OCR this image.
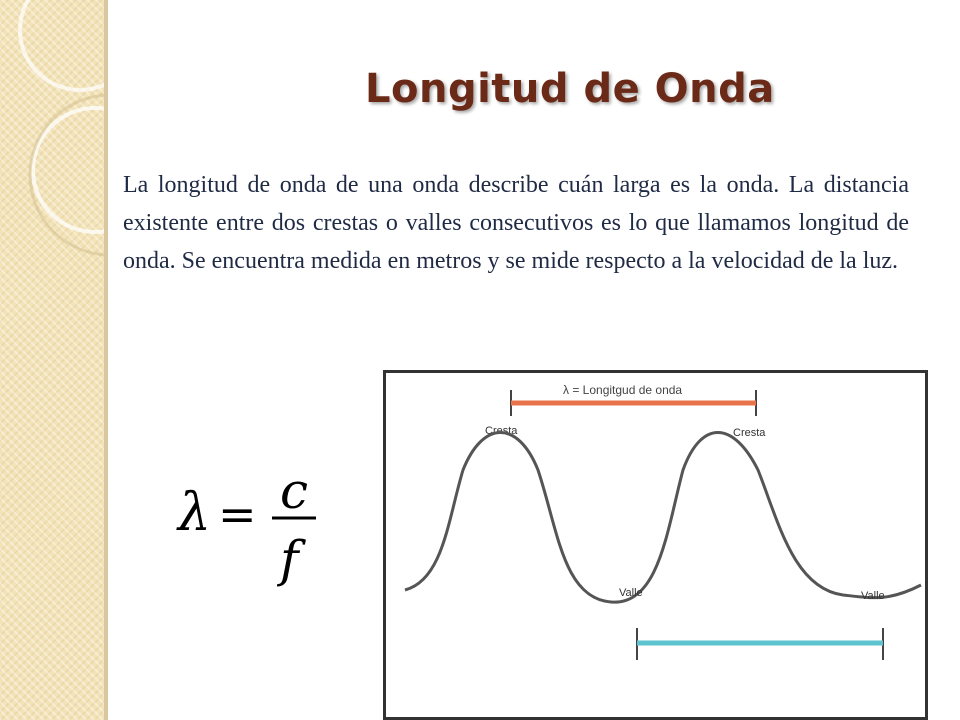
Longitud de Onda

La longitud de onda de una onda describe cuán larga es la onda. La distancia existente entre dos crestas o valles consecutivos es lo que llamamos longitud de onda. Se encuentra medida en metros y se mide respecto a la velocidad de la luz.

λ = c
f
λ = Longitgud de onda
Cresta	Cresta
Valle	Valle
